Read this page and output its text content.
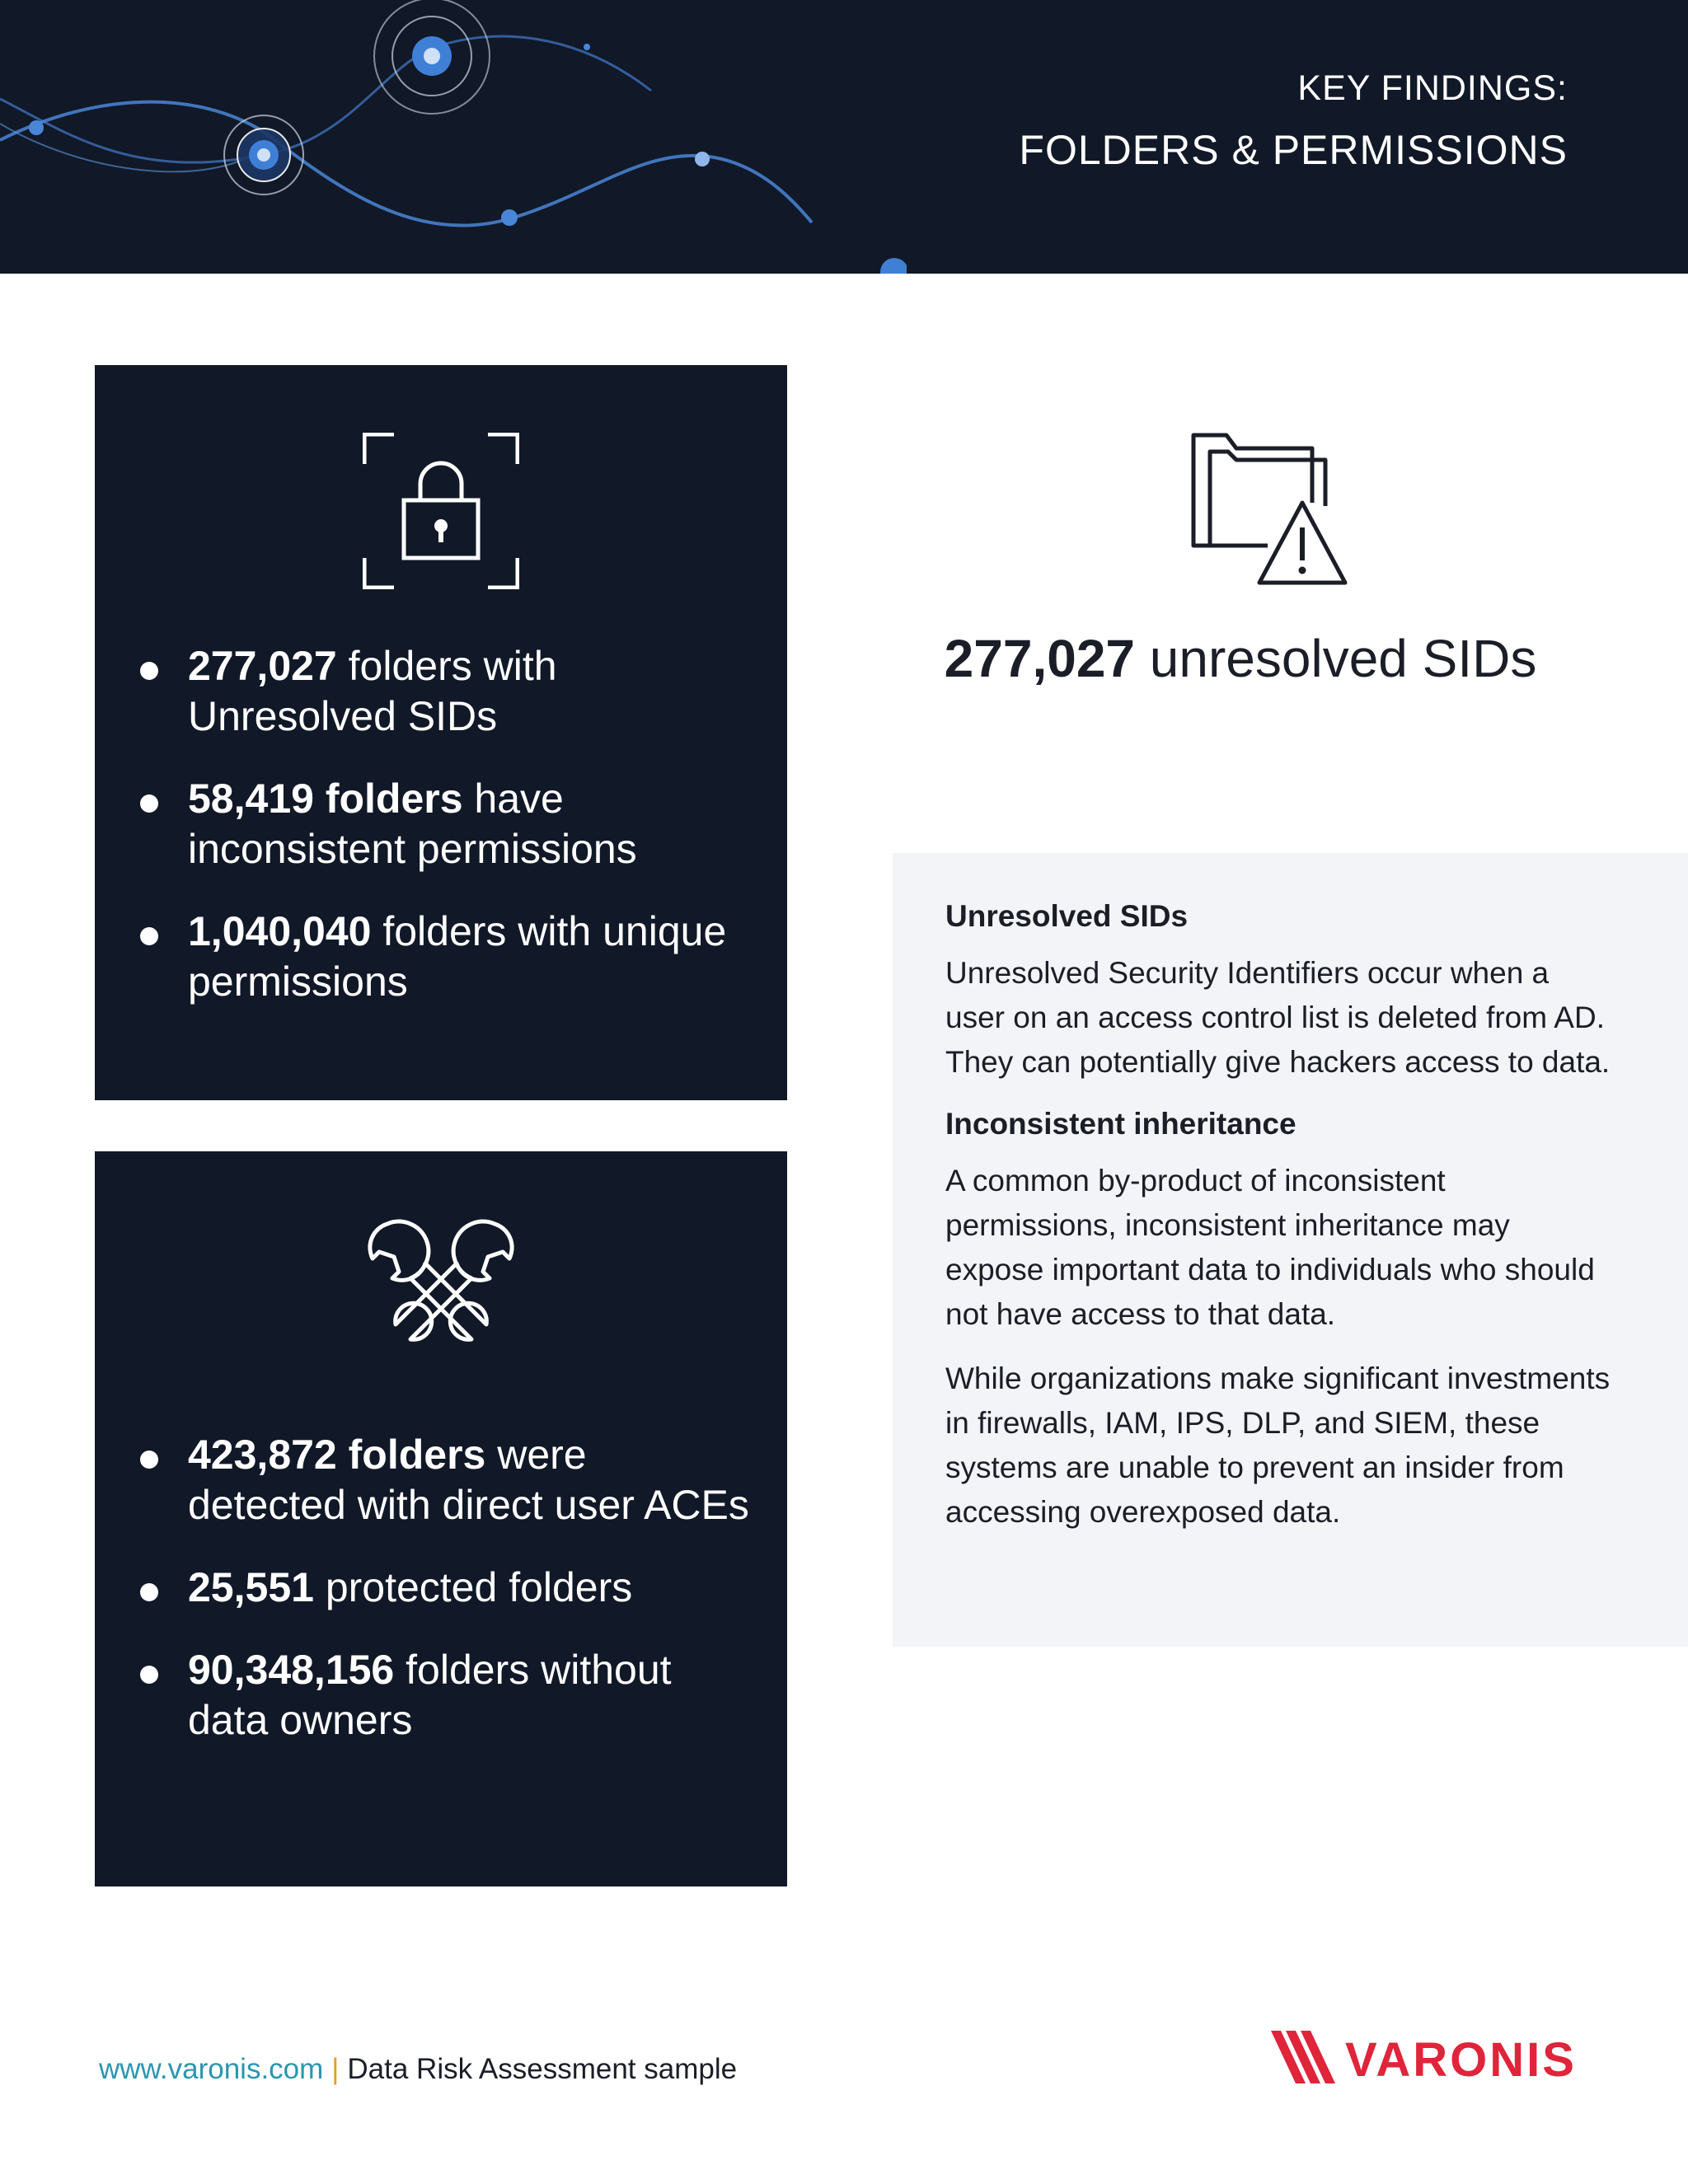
KEY FINDINGS:
FOLDERS & PERMISSIONS
277,027 folders with Unresolved SIDs
58,419 folders have inconsistent permissions
1,040,040 folders with unique permissions
423,872 folders were detected with direct user ACEs
25,551 protected folders
90,348,156 folders without data owners
277,027 unresolved SIDs
Unresolved SIDs

Unresolved Security Identifiers occur when a user on an access control list is deleted from AD. They can potentially give hackers access to data.

Inconsistent inheritance

A common by-product of inconsistent permissions, inconsistent inheritance may expose important data to individuals who should not have access to that data.

While organizations make significant investments in firewalls, IAM, IPS, DLP, and SIEM, these systems are unable to prevent an insider from accessing overexposed data.

www.varonis.com | Data Risk Assessment sample	VARONIS
